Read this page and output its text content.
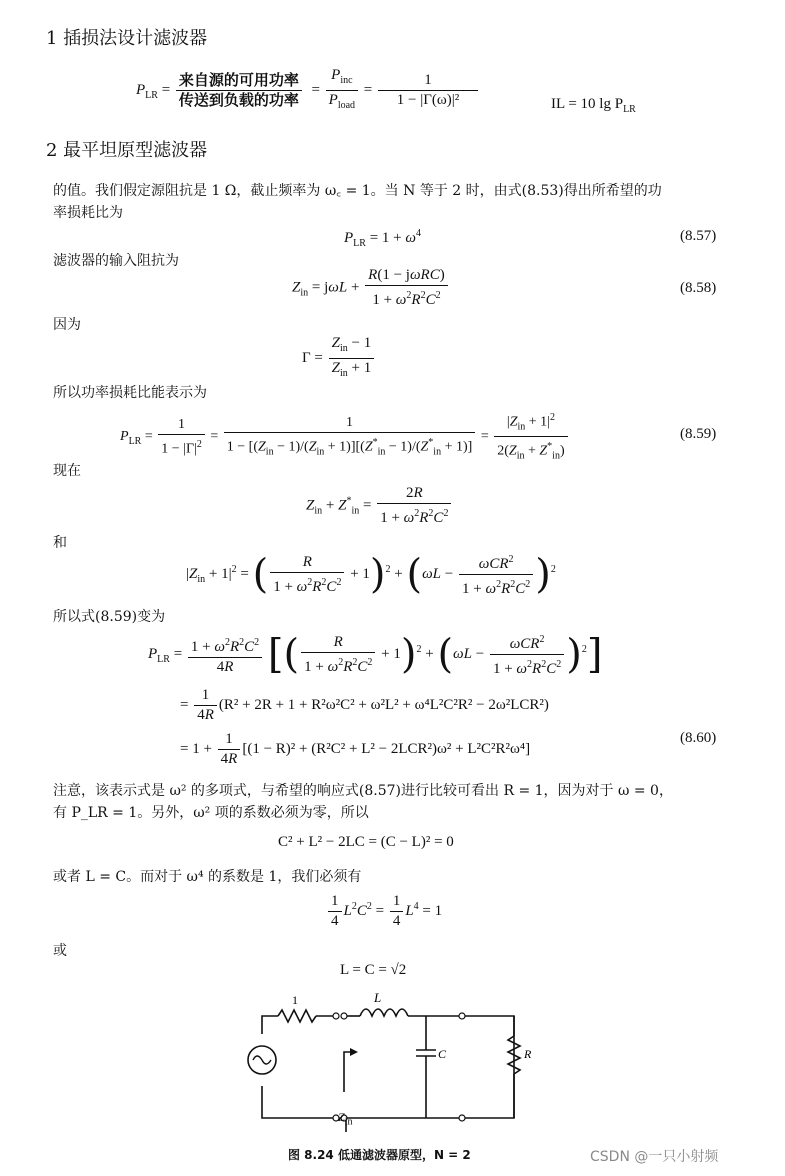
1 插损法设计滤波器
$P_{LR} = \frac{\text{来自源的可用功率}}{\text{传送到负载的功率}} = \frac{P_{inc}}{P_{load}} = \frac{1}{\text{1 − |Γ(ω)|²}}$	IL = 10 $\lg P_{LR}$
2 最平坦原型滤波器
的值。我们假定源阻抗是 1 Ω，截止频率为 ω꜀ = 1。当 N 等于 2 时，由式(8.53)得出所希望的功
率损耗比为
$P_{LR} = 1 + \omega^4$	(8.57)
滤波器的输入阻抗为
$Z_{in} = j\omega L + \frac{\text{R(1 − jωRC)}}{1 + \omega^2R^2C^2}$	(8.58)
因为
$\Gamma = \frac{Z_{in} - 1}{Z_{in} + 1}$
所以功率损耗比能表示为
$P_{LR} = \frac{1}{1 - |\Gamma|^2} = \frac{1}{1 - [(Z_{in} - 1)/(Z_{in} + 1)][(Z^*_{in} - 1)/(Z^*_{in} + 1)]} = \frac{|Z_{in} + 1|^2}{2(Z_{in} + Z^*_{in})}$	(8.59)
现在
$Z_{in} + Z^*_{in} = \frac{2R}{1 + \omega^2R^2C^2}$
和
$|Z_{in} + 1|^2$ = ( $\frac{R}{1 + \omega^2R^2C^2} + 1)^2 + (\omega L - \frac{\omega CR^2}{1 + \omega^2R^2C^2} )^2$
所以式(8.59)变为
$P_{LR} = \frac{1 + \omega^2R^2C^2}{4R}$ [( $\frac{R}{1 + \omega^2R^2C^2} + 1)^2 + (\omega L - \frac{\omega CR^2}{1 + \omega^2R^2C^2} )^2$]
= $\frac{1}{4R} (R^2 + 2R + 1 + R^2\omega^2C^2 + \omega^2L^2 + \omega^4L^2C^2R^2 - 2\omega^2LCR^2)$
= $1 + \frac{1}{4R} [(1 - R)^2 + (R^2C^2 + L^2 - 2LCR^2)\omega^2 + L^2C^2R^2\omega^4]$
(8.60)
注意，该表示式是 ω² 的多项式，与希望的响应式(8.57)进行比较可看出 R = 1，因为对于 ω = 0，
有 P_LR = 1。另外，ω² 项的系数必须为零，所以
C² + L² − 2LC = (C − L)² = 0
或者 L = C。而对于 ω⁴ 的系数是 1，我们必须有
$\frac{1}{4} L^2C^2 = \frac{1}{4} L^4 = 1$
或
L = C = √2
1	L
C	R
$Z_{in}$
图 8.24 低通滤波器原型，N = 2	CSDN @一只小射频
